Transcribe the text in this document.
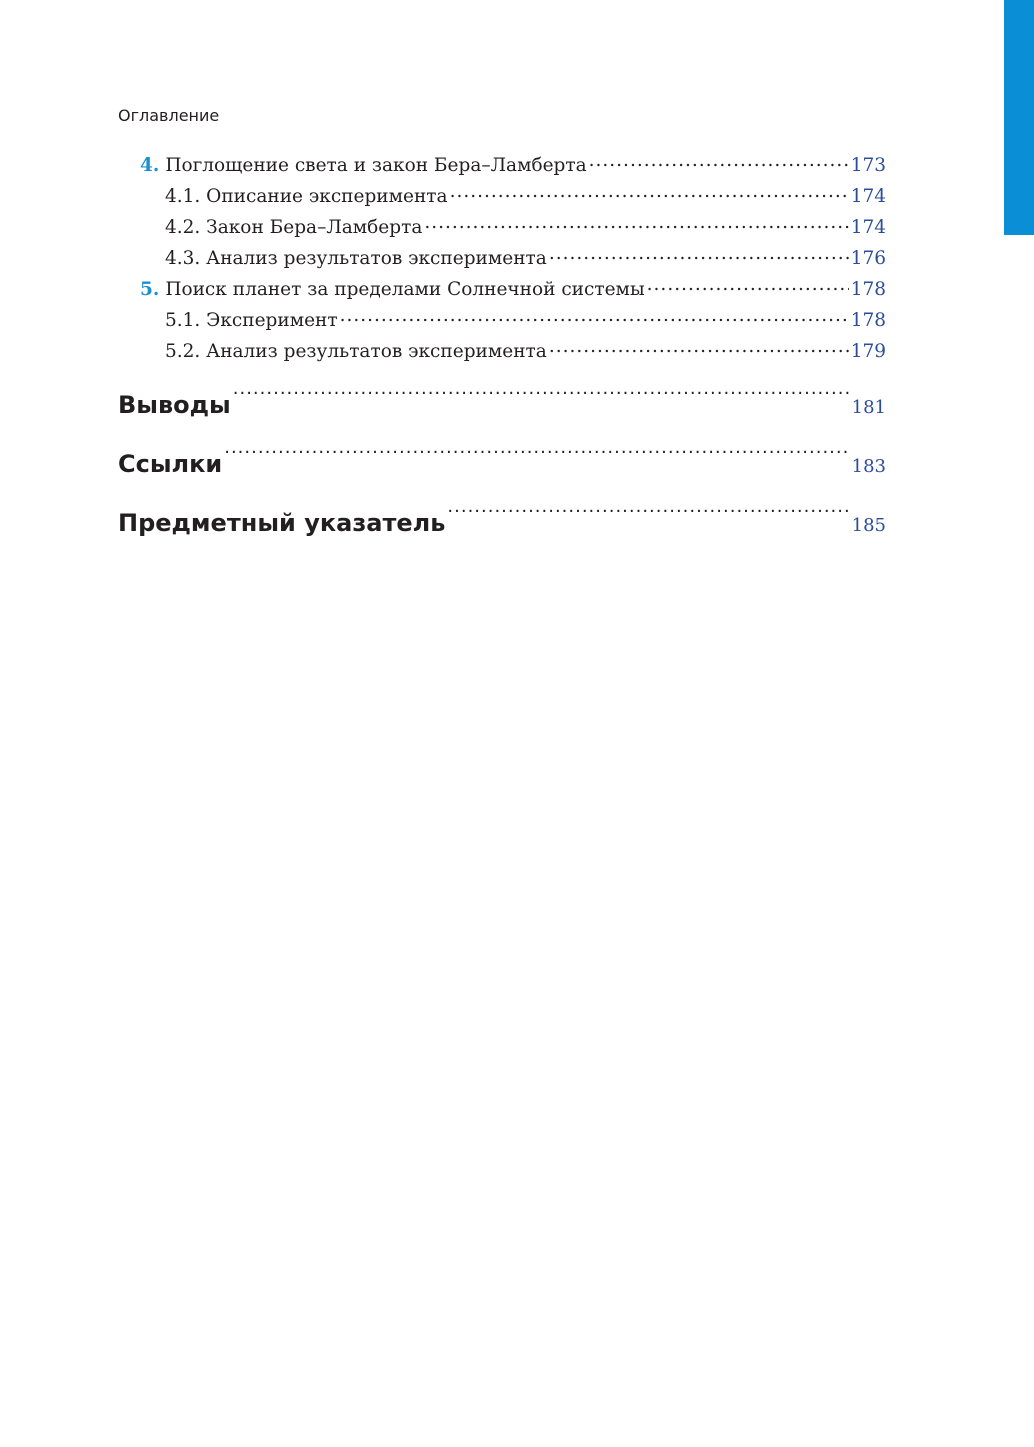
Оглавление
4. Поглощение света и закон Бера–Ламберта .....	173
4.1. Описание эксперимента .....	174
4.2. Закон Бера–Ламберта .....	174
4.3. Анализ результатов эксперимента .....	176
5. Поиск планет за пределами Солнечной системы .....	178
5.1. Эксперимент .....	178
5.2. Анализ результатов эксперимента .....	179
Выводы .....	181
Ссылки .....	183
Предметный указатель .....	185
